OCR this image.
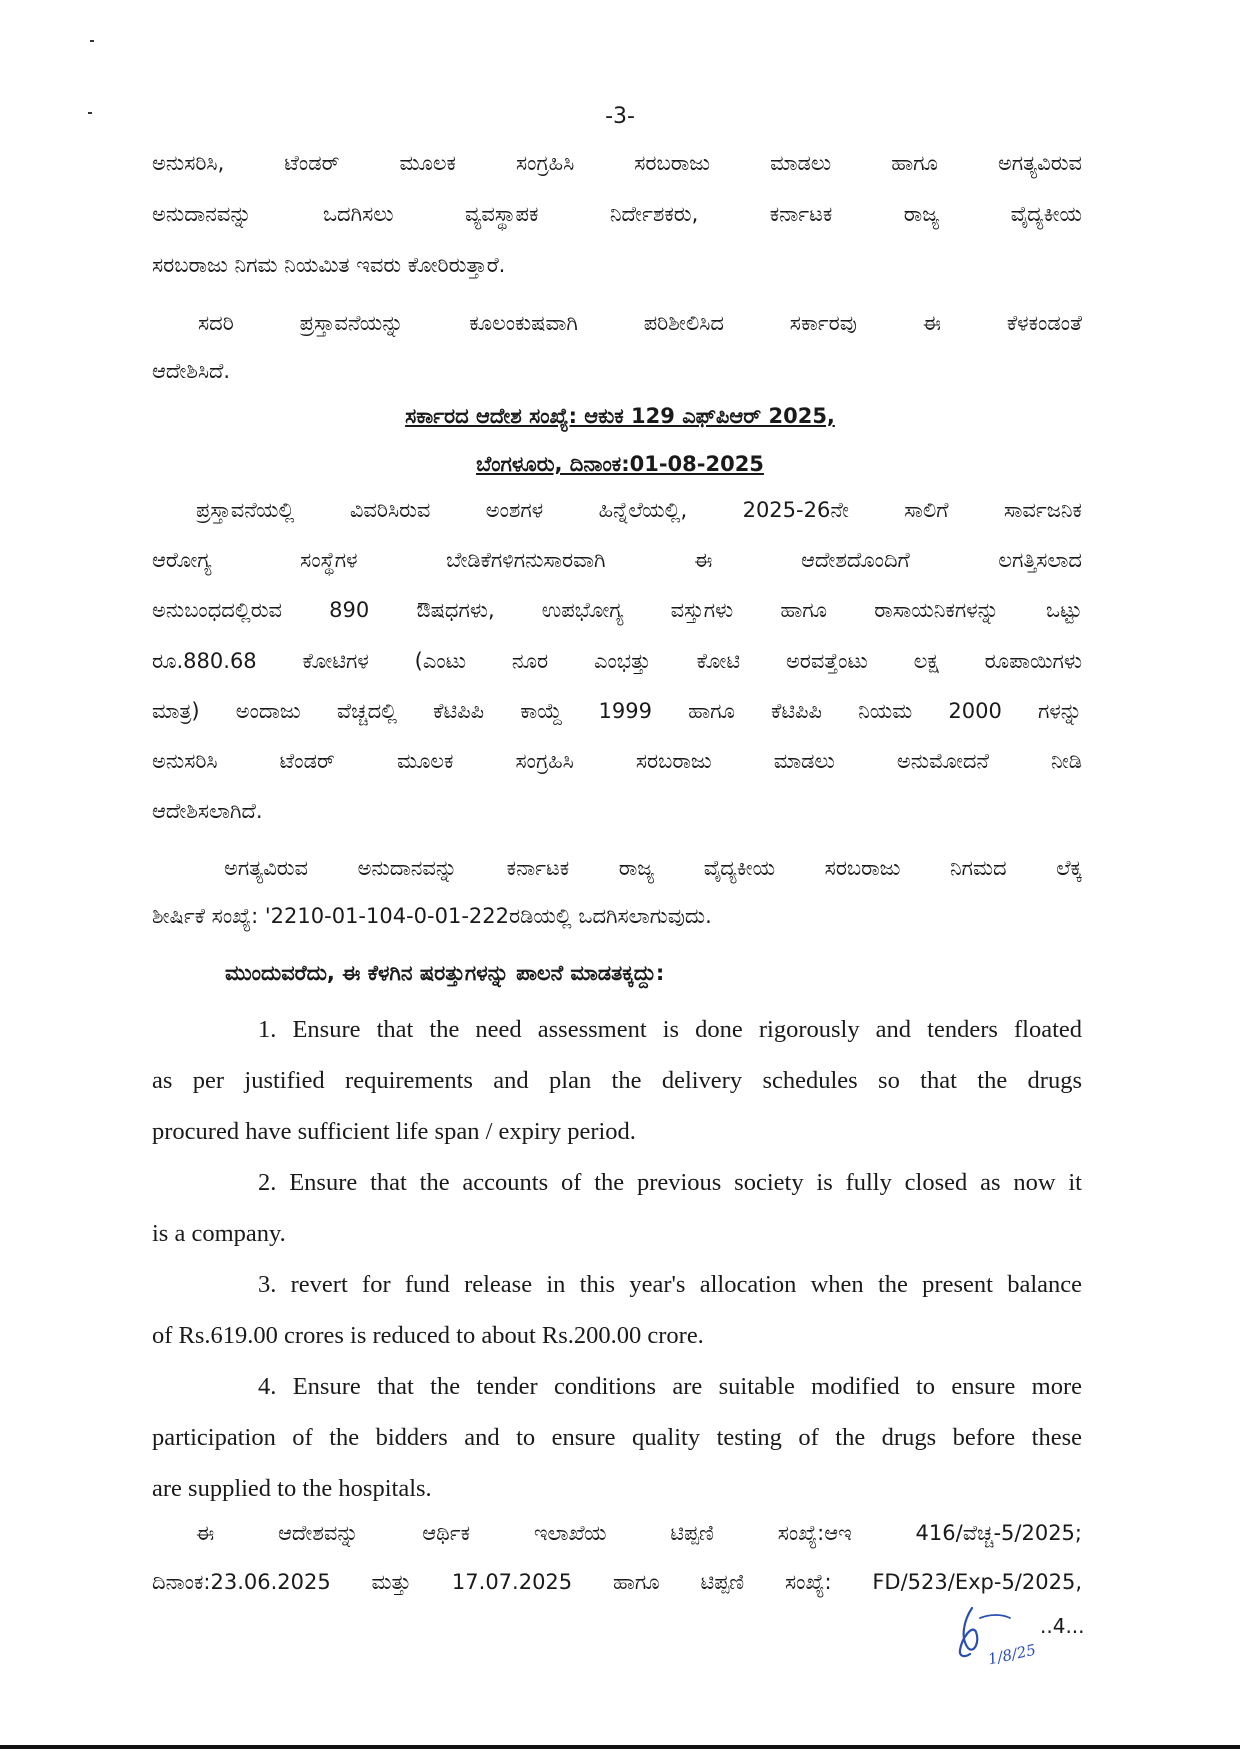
-3-
ಅನುಸರಿಸಿ, ಟೆಂಡರ್ ಮೂಲಕ ಸಂಗ್ರಹಿಸಿ ಸರಬರಾಜು ಮಾಡಲು ಹಾಗೂ ಅಗತ್ಯವಿರುವ
ಅನುದಾನವನ್ನು ಒದಗಿಸಲು ವ್ಯವಸ್ಥಾಪಕ ನಿರ್ದೇಶಕರು, ಕರ್ನಾಟಕ ರಾಜ್ಯ ವೈದ್ಯಕೀಯ
ಸರಬರಾಜು ನಿಗಮ ನಿಯಮಿತ ಇವರು ಕೋರಿರುತ್ತಾರೆ.
ಸದರಿ ಪ್ರಸ್ತಾವನೆಯನ್ನು ಕೂಲಂಕುಷವಾಗಿ ಪರಿಶೀಲಿಸಿದ ಸರ್ಕಾರವು ಈ ಕೆಳಕಂಡಂತೆ
ಆದೇಶಿಸಿದೆ.
ಸರ್ಕಾರದ ಆದೇಶ ಸಂಖ್ಯೆ: ಆಕುಕ 129 ಎಫ್‌ಪಿಆರ್ 2025,
ಬೆಂಗಳೂರು, ದಿನಾಂಕ:01-08-2025
ಪ್ರಸ್ತಾವನೆಯಲ್ಲಿ ವಿವರಿಸಿರುವ ಅಂಶಗಳ ಹಿನ್ನೆಲೆಯಲ್ಲಿ, 2025-26ನೇ ಸಾಲಿಗೆ ಸಾರ್ವಜನಿಕ
ಆರೋಗ್ಯ ಸಂಸ್ಥೆಗಳ ಬೇಡಿಕೆಗಳಿಗನುಸಾರವಾಗಿ ಈ ಆದೇಶದೊಂದಿಗೆ ಲಗತ್ತಿಸಲಾದ
ಅನುಬಂಧದಲ್ಲಿರುವ 890 ಔಷಧಗಳು, ಉಪಭೋಗ್ಯ ವಸ್ತುಗಳು ಹಾಗೂ ರಾಸಾಯನಿಕಗಳನ್ನು ಒಟ್ಟು
ರೂ.880.68 ಕೋಟಿಗಳ (ಎಂಟು ನೂರ ಎಂಭತ್ತು ಕೋಟಿ ಅರವತ್ತೆಂಟು ಲಕ್ಷ ರೂಪಾಯಿಗಳು
ಮಾತ್ರ) ಅಂದಾಜು ವೆಚ್ಚದಲ್ಲಿ ಕೆಟಿಪಿಪಿ ಕಾಯ್ದೆ 1999 ಹಾಗೂ ಕೆಟಿಪಿಪಿ ನಿಯಮ 2000 ಗಳನ್ನು
ಅನುಸರಿಸಿ ಟೆಂಡರ್ ಮೂಲಕ ಸಂಗ್ರಹಿಸಿ ಸರಬರಾಜು ಮಾಡಲು ಅನುಮೋದನೆ ನೀಡಿ
ಆದೇಶಿಸಲಾಗಿದೆ.
ಅಗತ್ಯವಿರುವ ಅನುದಾನವನ್ನು ಕರ್ನಾಟಕ ರಾಜ್ಯ ವೈದ್ಯಕೀಯ ಸರಬರಾಜು ನಿಗಮದ ಲೆಕ್ಕ
ಶೀರ್ಷಿಕೆ ಸಂಖ್ಯೆ: '2210-01-104-0-01-222ರಡಿಯಲ್ಲಿ ಒದಗಿಸಲಾಗುವುದು.
ಮುಂದುವರೆದು, ಈ ಕೆಳಗಿನ ಷರತ್ತುಗಳನ್ನು ಪಾಲನೆ ಮಾಡತಕ್ಕದ್ದು:
1. Ensure that the need assessment is done rigorously and tenders floated
as per justified requirements and plan the delivery schedules so that the drugs
procured have sufficient life span / expiry period.
2. Ensure that the accounts of the previous society is fully closed as now it
is a company.
3. revert for fund release in this year's allocation when the present balance
of Rs.619.00 crores is reduced to about Rs.200.00 crore.
4. Ensure that the tender conditions are suitable modified to ensure more
participation of the bidders and to ensure quality testing of the drugs before these
are supplied to the hospitals.
ಈ ಆದೇಶವನ್ನು ಆರ್ಥಿಕ ಇಲಾಖೆಯ ಟಿಪ್ಪಣಿ ಸಂಖ್ಯೆ:ಆಇ 416/ವೆಚ್ಚ-5/2025;
ದಿನಾಂಕ:23.06.2025 ಮತ್ತು 17.07.2025 ಹಾಗೂ ಟಿಪ್ಪಣಿ ಸಂಖ್ಯೆ: FD/523/Exp-5/2025,
1/8/25
..4...
